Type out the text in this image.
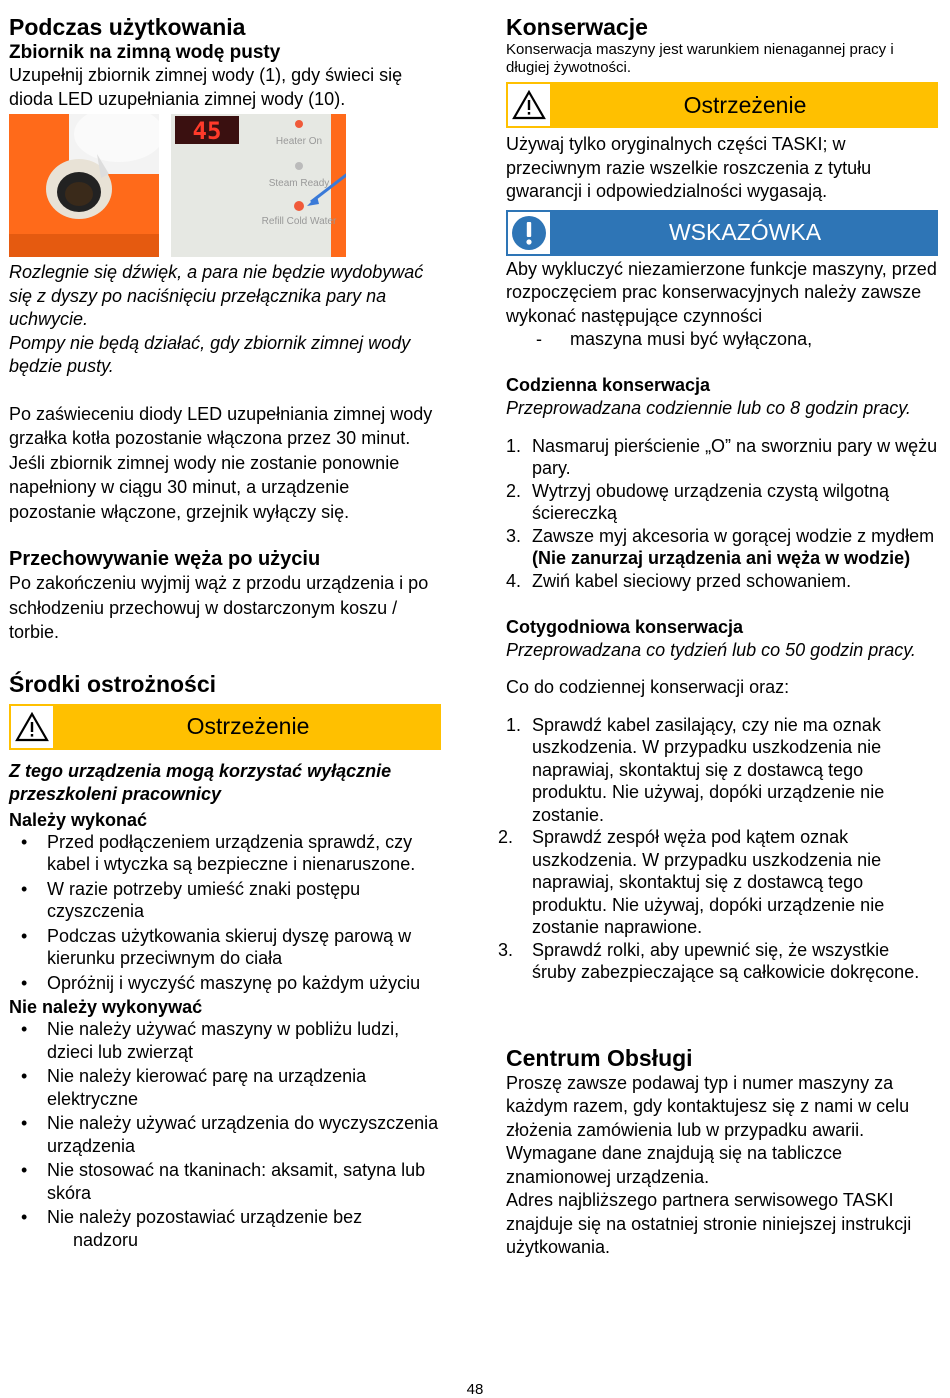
Podczas użytkowania
Zbiornik na zimną wodę pusty

Uzupełnij zbiornik zimnej wody (1), gdy świeci się dioda LED uzupełniania zimnej wody (10).

45	Heater On
Steam Ready
Refill Cold Water

Rozlegnie się dźwięk, a para nie będzie wydobywać się z dyszy po naciśnięciu przełącznika pary na uchwycie.

Pompy nie będą działać, gdy zbiornik zimnej wody będzie pusty.

Po zaświeceniu diody LED uzupełniania zimnej wody grzałka kotła pozostanie włączona przez 30 minut. Jeśli zbiornik zimnej wody nie zostanie ponownie napełniony w ciągu 30 minut, a urządzenie pozostanie włączone, grzejnik wyłączy się.

Przechowywanie węża po użyciu

Po zakończeniu wyjmij wąż z przodu urządzenia i po schłodzeniu przechowuj w dostarczonym koszu / torbie.

Środki ostrożności
Ostrzeżenie

Z tego urządzenia mogą korzystać wyłącznie przeszkoleni pracownicy

Należy wykonać
• Przed podłączeniem urządzenia sprawdź, czy kabel i wtyczka są bezpieczne i nienaruszone.
• W razie potrzeby umieść znaki postępu czyszczenia
• Podczas użytkowania skieruj dyszę parową w kierunku przeciwnym do ciała
• Opróżnij i wyczyść maszynę po każdym użyciu
Nie należy wykonywać
• Nie należy używać maszyny w pobliżu ludzi, dzieci lub zwierząt
• Nie należy kierować parę na urządzenia elektryczne
• Nie należy używać urządzenia do wyczyszczenia urządzenia
• Nie stosować na tkaninach: aksamit, satyna lub skóra
• Nie należy pozostawiać urządzenie bez

nadzoru

Konserwacje

Konserwacja maszyny jest warunkiem nienagannej pracy i długiej żywotności.

Ostrzeżenie

Używaj tylko oryginalnych części TASKI; w przeciwnym razie wszelkie roszczenia z tytułu gwarancji i odpowiedzialności wygasają.

WSKAZÓWKA

Aby wykluczyć niezamierzone funkcje maszyny, przed rozpoczęciem prac konserwacyjnych należy zawsze wykonać następujące czynności

- maszyna musi być wyłączona,

Codzienna konserwacja

Przeprowadzana codziennie lub co 8 godzin pracy.

1. Nasmaruj pierścienie „O” na sworzniu pary w wężu pary.
2. Wytrzyj obudowę urządzenia czystą wilgotną ściereczką
3. Zawsze myj akcesoria w gorącej wodzie z mydłem (Nie zanurzaj urządzenia ani węża w wodzie)
4. Zwiń kabel sieciowy przed schowaniem.
Cotygodniowa konserwacja

Przeprowadzana co tydzień lub co 50 godzin pracy.

Co do codziennej konserwacji oraz:

1. Sprawdź kabel zasilający, czy nie ma oznak uszkodzenia. W przypadku uszkodzenia nie naprawiaj, skontaktuj się z dostawcą tego produktu. Nie używaj, dopóki urządzenie nie zostanie.
2. Sprawdź zespół węża pod kątem oznak uszkodzenia. W przypadku uszkodzenia nie naprawiaj, skontaktuj się z dostawcą tego produktu. Nie używaj, dopóki urządzenie nie zostanie naprawione.
3. Sprawdź rolki, aby upewnić się, że wszystkie śruby zabezpieczające są całkowicie dokręcone.
Centrum Obsługi

Proszę zawsze podawaj typ i numer maszyny za każdym razem, gdy kontaktujesz się z nami w celu złożenia zamówienia lub w przypadku awarii. Wymagane dane znajdują się na tabliczce znamionowej urządzenia.

Adres najbliższego partnera serwisowego TASKI znajduje się na ostatniej stronie niniejszej instrukcji użytkowania.

48
